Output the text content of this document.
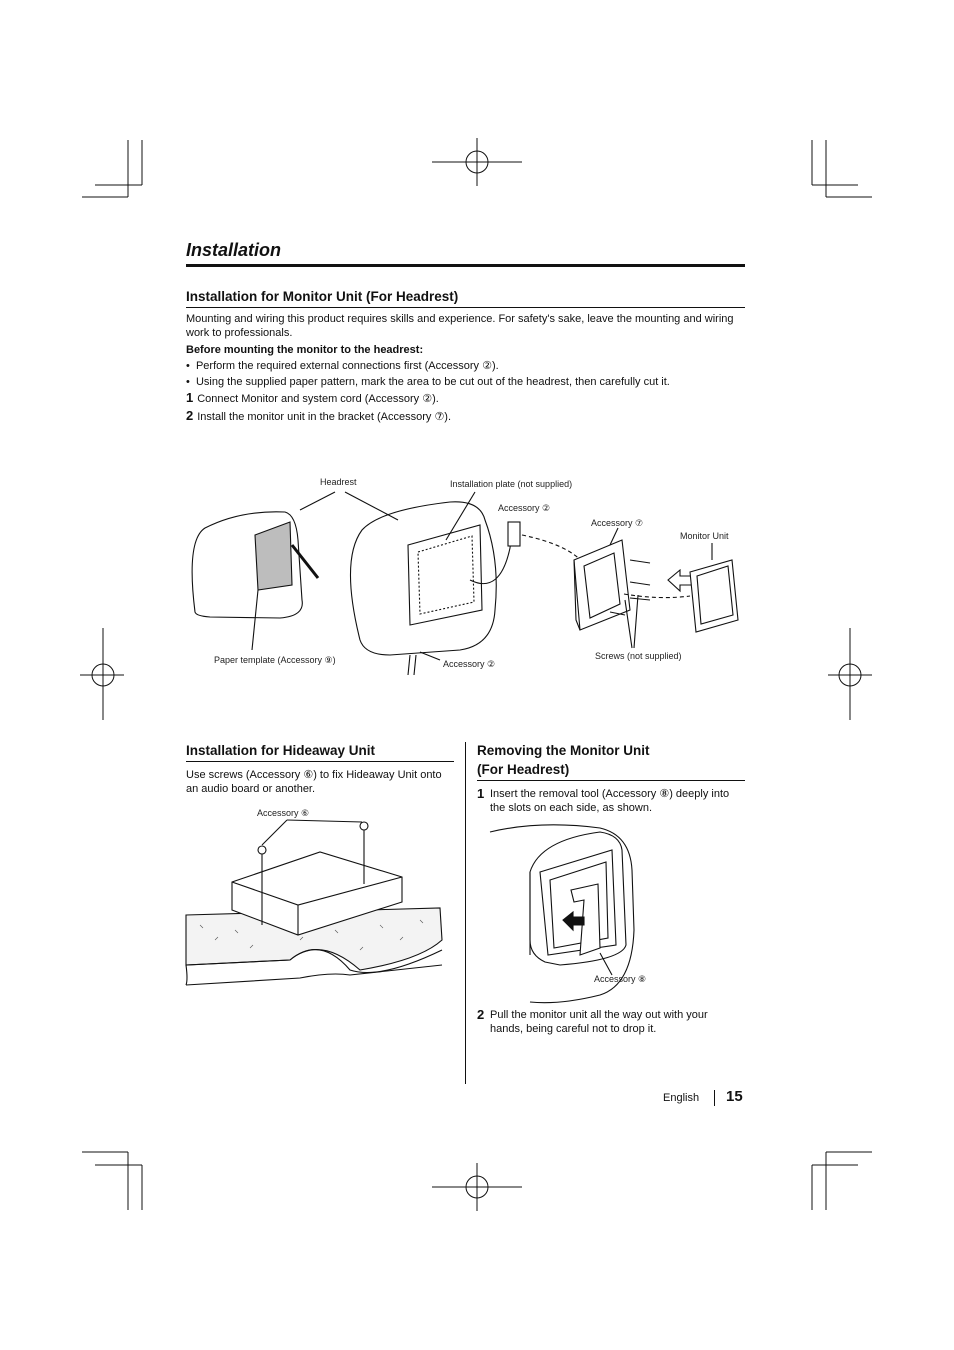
Installation
Installation for Monitor Unit (For Headrest)
Mounting and wiring this product requires skills and experience. For safety's sake, leave the mounting and wiring work to professionals.
Before mounting the monitor to the headrest:
•  Perform the required external connections first (Accessory ②).
•  Using the supplied paper pattern, mark the area to be cut out of the headrest, then carefully cut it.
1 Connect Monitor and system cord (Accessory ②).
2 Install the monitor unit in the bracket (Accessory ⑦).
Headrest	Installation plate (not supplied)
Accessory ②
Accessory ⑦
Monitor Unit
Paper template (Accessory ⑨)	Accessory ②
Screws (not supplied)
Installation for Hideaway Unit
Use screws (Accessory ⑥) to fix Hideaway Unit onto an audio board or another.
Accessory ⑥
Removing the Monitor Unit
(For Headrest)
1 Insert the removal tool (Accessory ⑧) deeply into the slots on each side, as shown.
Accessory ⑧
2 Pull the monitor unit all the way out with your hands, being careful not to drop it.
English 15
